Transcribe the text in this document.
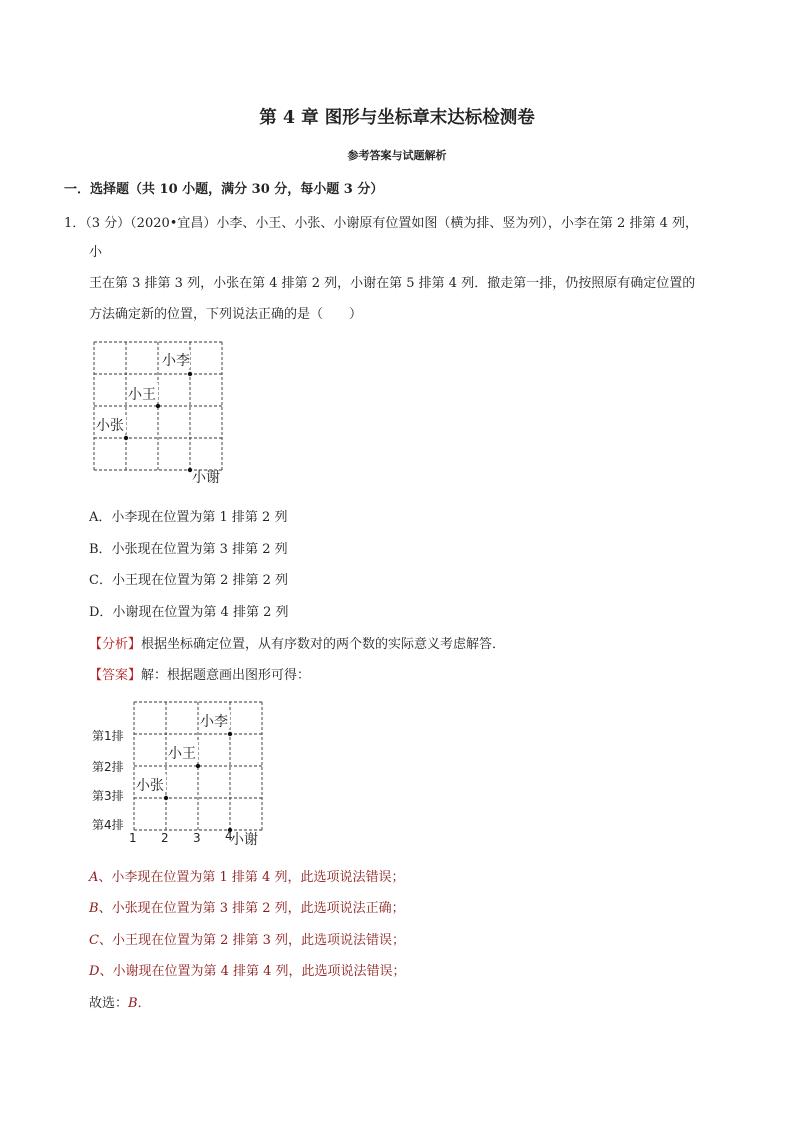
第 4 章 图形与坐标章末达标检测卷
参考答案与试题解析
一．选择题（共 10 小题，满分 30 分，每小题 3 分）
1．（3 分）（2020•宜昌）小李、小王、小张、小谢原有位置如图（横为排、竖为列），小李在第 2 排第 4 列，
小
王在第 3 排第 3 列，小张在第 4 排第 2 列，小谢在第 5 排第 4 列．撤走第一排，仍按照原有确定位置的
方法确定新的位置，下列说法正确的是（　　）
小李
小王
小张
小谢
A．小李现在位置为第 1 排第 2 列
B．小张现在位置为第 3 排第 2 列
C．小王现在位置为第 2 排第 2 列
D．小谢现在位置为第 4 排第 2 列
【分析】根据坐标确定位置，从有序数对的两个数的实际意义考虑解答．
【答案】解：根据题意画出图形可得：
第1排
第2排
第3排
第4排
1 2 3 4
小李
小王
小张
小谢
A、小李现在位置为第 1 排第 4 列，此选项说法错误；
B、小张现在位置为第 3 排第 2 列，此选项说法正确；
C、小王现在位置为第 2 排第 3 列，此选项说法错误；
D、小谢现在位置为第 4 排第 4 列，此选项说法错误；
故选：B．
